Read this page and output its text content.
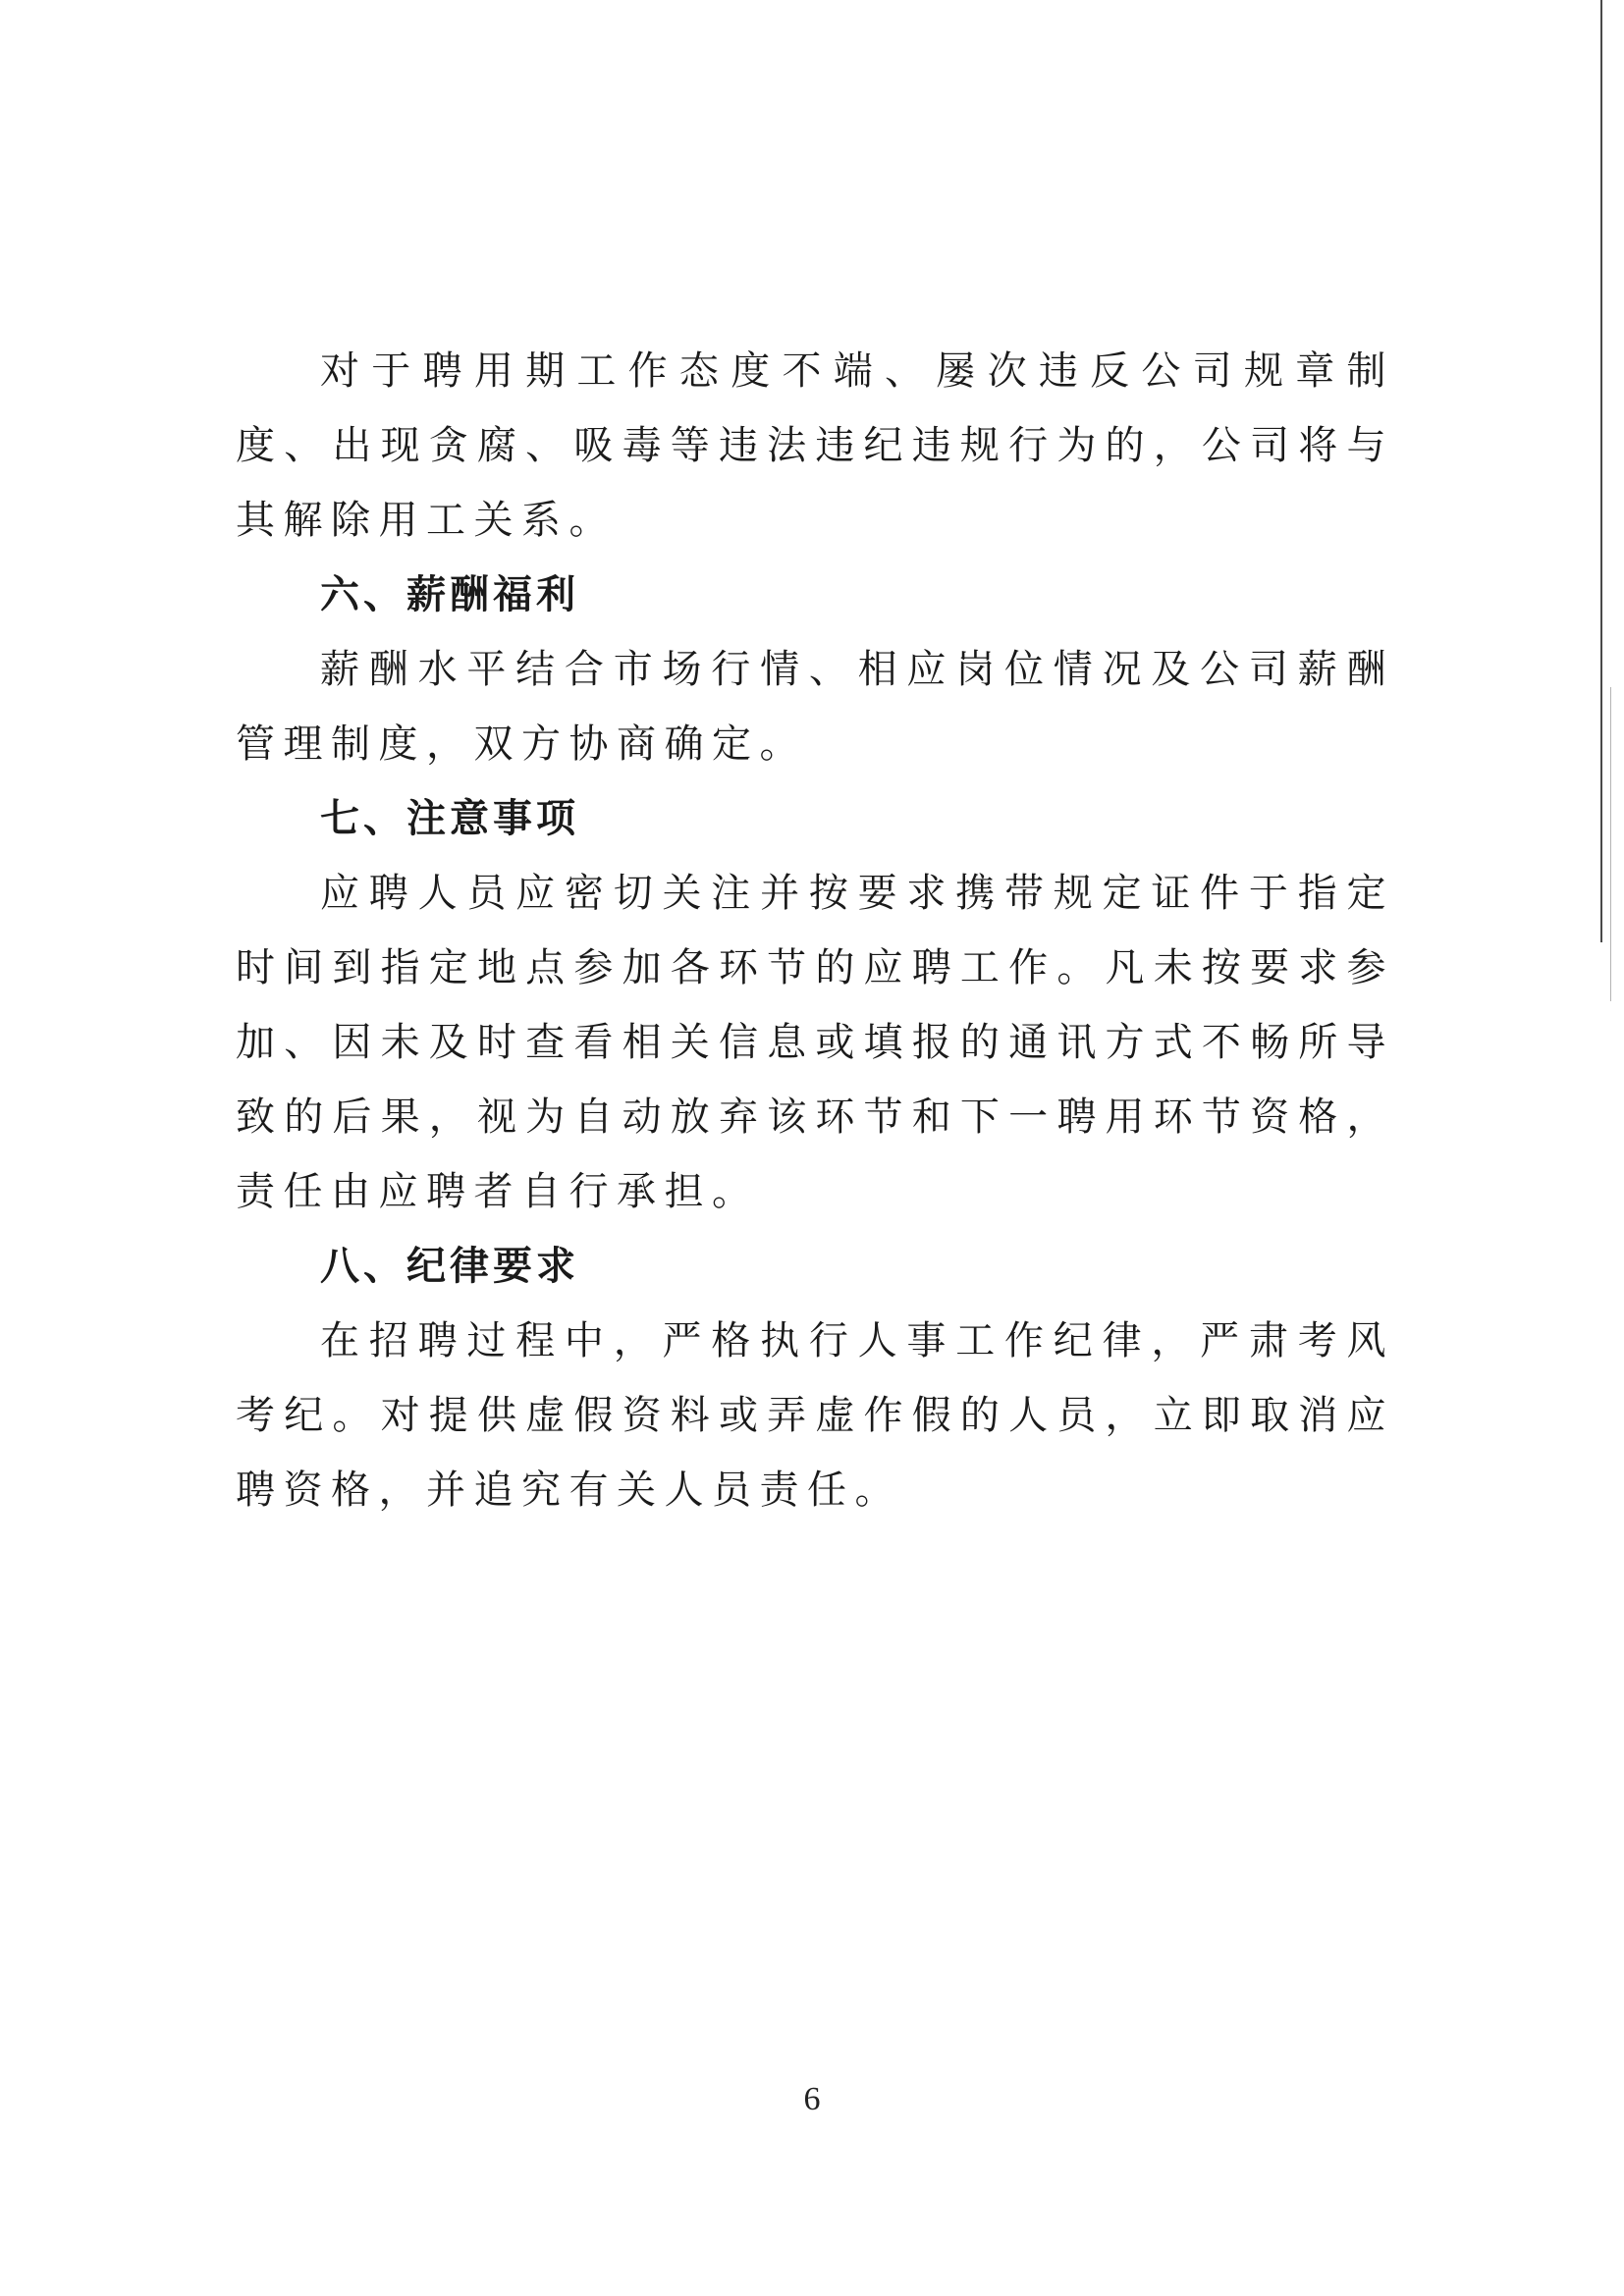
对于聘用期工作态度不端、屡次违反公司规章制度、出现贪腐、吸毒等违法违纪违规行为的，公司将与其解除用工关系。

六、薪酬福利

薪酬水平结合市场行情、相应岗位情况及公司薪酬管理制度，双方协商确定。

七、注意事项

应聘人员应密切关注并按要求携带规定证件于指定时间到指定地点参加各环节的应聘工作。凡未按要求参加、因未及时查看相关信息或填报的通讯方式不畅所导致的后果，视为自动放弃该环节和下一聘用环节资格，责任由应聘者自行承担。

八、纪律要求

在招聘过程中，严格执行人事工作纪律，严肃考风考纪。对提供虚假资料或弄虚作假的人员，立即取消应聘资格，并追究有关人员责任。

6
